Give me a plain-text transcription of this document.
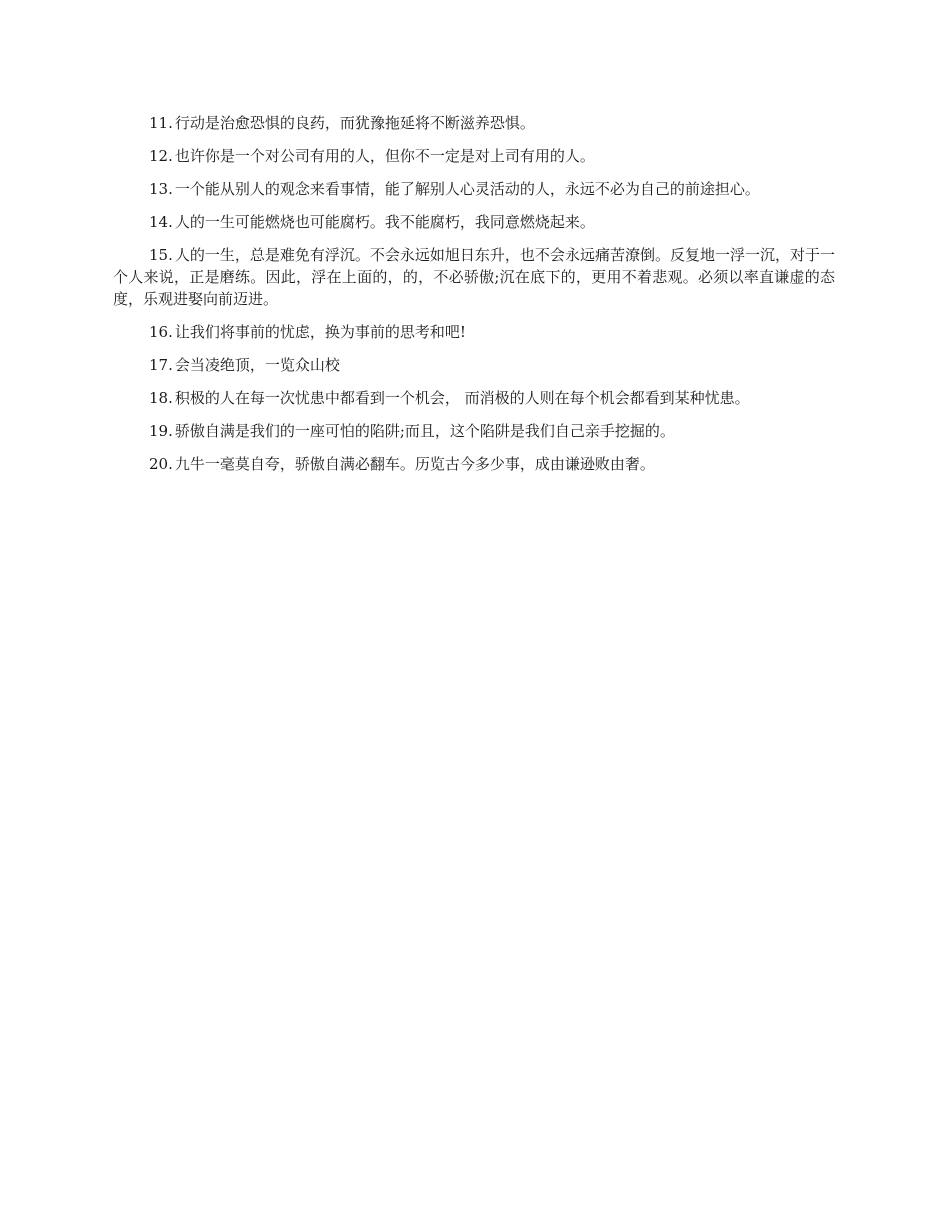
11. 行动是治愈恐惧的良药，而犹豫拖延将不断滋养恐惧。

12. 也许你是一个对公司有用的人，但你不一定是对上司有用的人。

13. 一个能从别人的观念来看事情，能了解别人心灵活动的人，永远不必为自己的前途担心。

14. 人的一生可能燃烧也可能腐朽。我不能腐朽，我同意燃烧起来。

15. 人的一生，总是难免有浮沉。不会永远如旭日东升，也不会永远痛苦潦倒。反复地一浮一沉，对于一个人来说，正是磨练。因此，浮在上面的，的，不必骄傲;沉在底下的，更用不着悲观。必须以率直谦虚的态度，乐观进娶向前迈进。

16. 让我们将事前的忧虑，换为事前的思考和吧!

17. 会当凌绝顶，一览众山校

18. 积极的人在每一次忧患中都看到一个机会， 而消极的人则在每个机会都看到某种忧患。

19. 骄傲自满是我们的一座可怕的陷阱;而且，这个陷阱是我们自己亲手挖掘的。

20. 九牛一毫莫自夸，骄傲自满必翻车。历览古今多少事，成由谦逊败由奢。
